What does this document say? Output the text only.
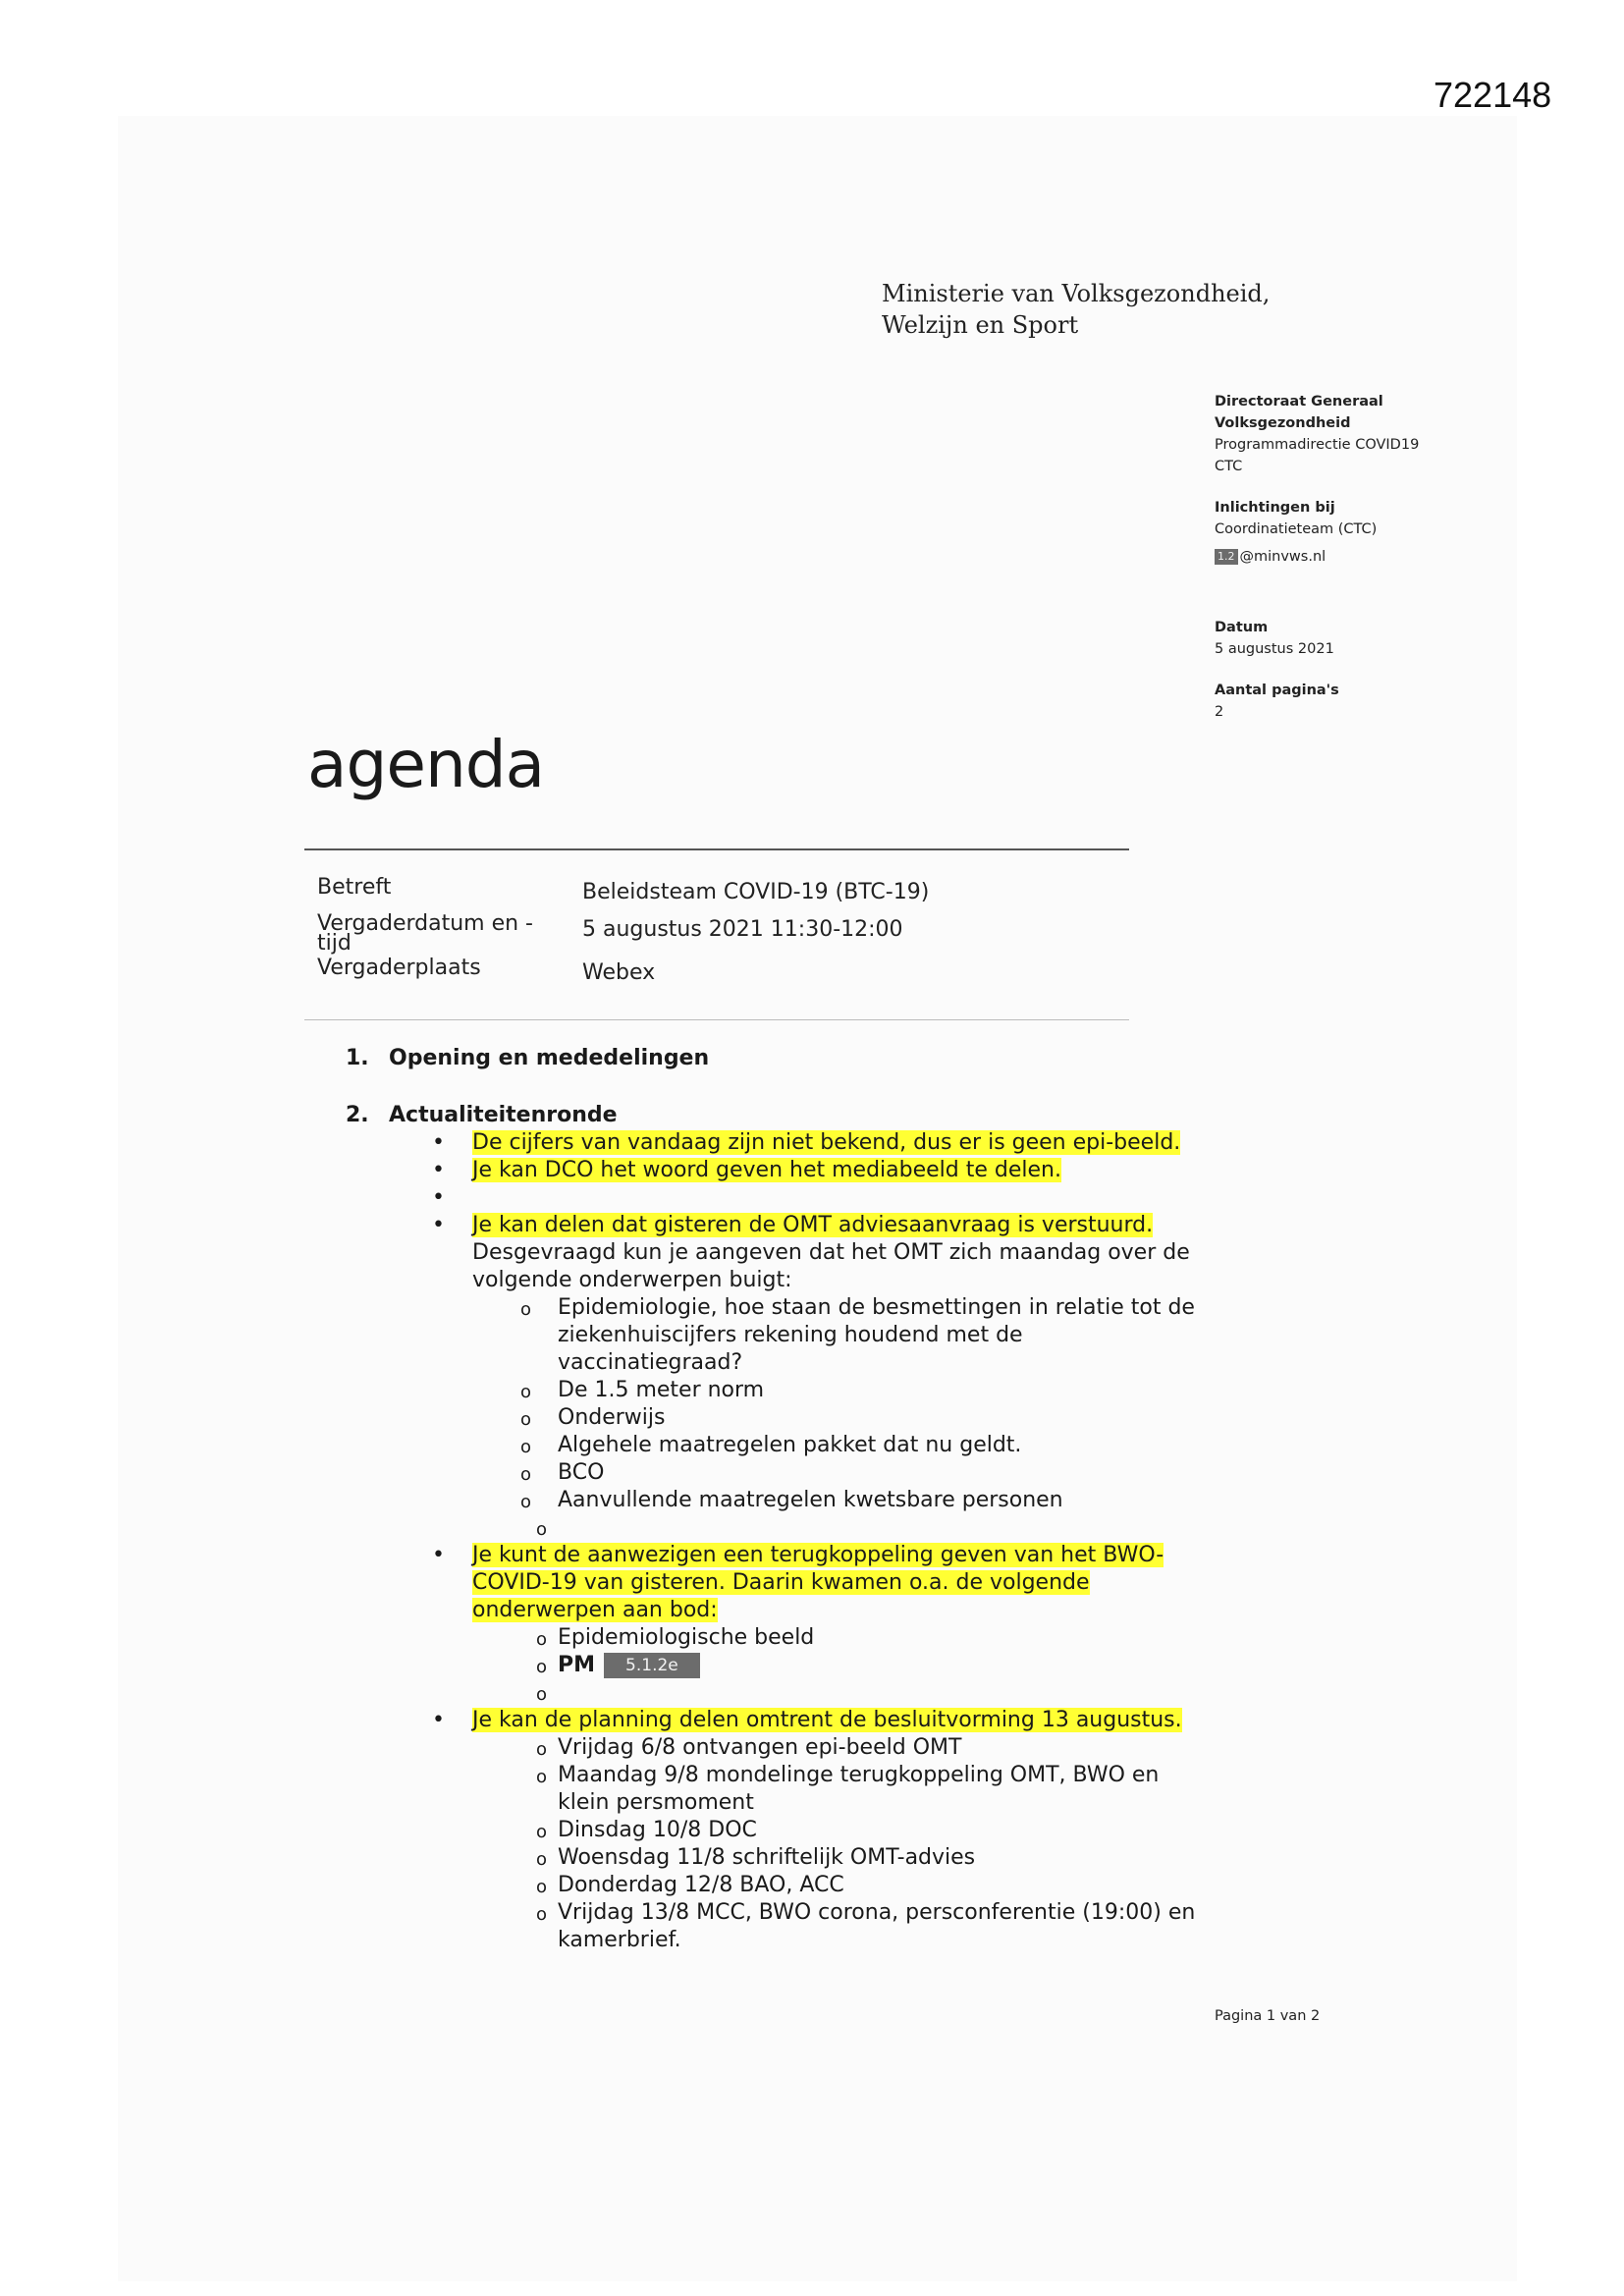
722148
Ministerie van Volksgezondheid,
Welzijn en Sport
Directoraat Generaal
Volksgezondheid
Programmadirectie COVID19
CTC
Inlichtingen bij
Coordinatieteam (CTC)
1.2 @minvws.nl
Datum
5 augustus 2021
Aantal pagina's
2
agenda
Betreft	Beleidsteam COVID-19 (BTC-19)
Vergaderdatum en - tijd
5 augustus 2021 11:30-12:00
Vergaderplaats	Webex
1. Opening en mededelingen
2. Actualiteitenronde
• De cijfers van vandaag zijn niet bekend, dus er is geen epi-beeld.
• Je kan DCO het woord geven het mediabeeld te delen.
•
• Je kan delen dat gisteren de OMT adviesaanvraag is verstuurd.
Desgevraagd kun je aangeven dat het OMT zich maandag over de volgende onderwerpen buigt:
o Epidemiologie, hoe staan de besmettingen in relatie tot de ziekenhuiscijfers rekening houdend met de vaccinatiegraad?
o De 1.5 meter norm
o Onderwijs
o Algehele maatregelen pakket dat nu geldt.
o BCO
o Aanvullende maatregelen kwetsbare personen
o
• Je kunt de aanwezigen een terugkoppeling geven van het BWO-COVID-19 van gisteren. Daarin kwamen o.a. de volgende onderwerpen aan bod:
o Epidemiologische beeld
o PM 5.1.2e
o
• Je kan de planning delen omtrent de besluitvorming 13 augustus.
o Vrijdag 6/8 ontvangen epi-beeld OMT
o Maandag 9/8 mondelinge terugkoppeling OMT, BWO en klein persmoment
o Dinsdag 10/8 DOC
o Woensdag 11/8 schriftelijk OMT-advies
o Donderdag 12/8 BAO, ACC
o Vrijdag 13/8 MCC, BWO corona, persconferentie (19:00) en kamerbrief.
Pagina 1 van 2
